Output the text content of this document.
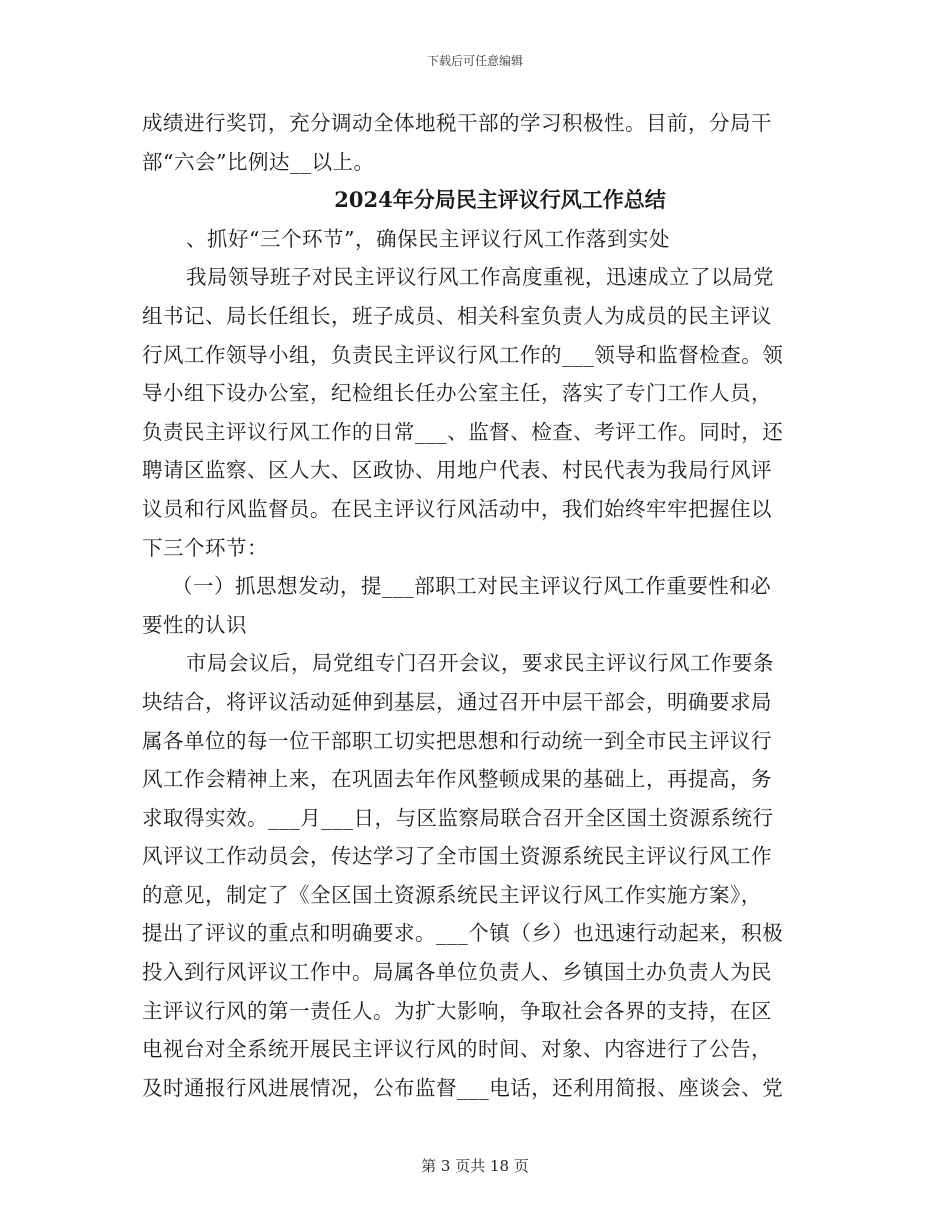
下载后可任意编辑
成绩进行奖罚，充分调动全体地税干部的学习积极性。目前，分局干
部“六会”比例达__以上。
2024年分局民主评议行风工作总结
、抓好“三个环节”，确保民主评议行风工作落到实处
我局领导班子对民主评议行风工作高度重视，迅速成立了以局党
组书记、局长任组长，班子成员、相关科室负责人为成员的民主评议
行风工作领导小组，负责民主评议行风工作的___领导和监督检查。领
导小组下设办公室，纪检组长任办公室主任，落实了专门工作人员，
负责民主评议行风工作的日常___、监督、检查、考评工作。同时，还
聘请区监察、区人大、区政协、用地户代表、村民代表为我局行风评
议员和行风监督员。在民主评议行风活动中，我们始终牢牢把握住以
下三个环节：
（一）抓思想发动，提___部职工对民主评议行风工作重要性和必
要性的认识
市局会议后，局党组专门召开会议，要求民主评议行风工作要条
块结合，将评议活动延伸到基层，通过召开中层干部会，明确要求局
属各单位的每一位干部职工切实把思想和行动统一到全市民主评议行
风工作会精神上来，在巩固去年作风整顿成果的基础上，再提高，务
求取得实效。___月___日，与区监察局联合召开全区国土资源系统行
风评议工作动员会，传达学习了全市国土资源系统民主评议行风工作
的意见，制定了《全区国土资源系统民主评议行风工作实施方案》，
提出了评议的重点和明确要求。___个镇（乡）也迅速行动起来，积极
投入到行风评议工作中。局属各单位负责人、乡镇国土办负责人为民
主评议行风的第一责任人。为扩大影响，争取社会各界的支持，在区
电视台对全系统开展民主评议行风的时间、对象、内容进行了公告，
及时通报行风进展情况，公布监督___电话，还利用简报、座谈会、党
第 3 页共 18 页
